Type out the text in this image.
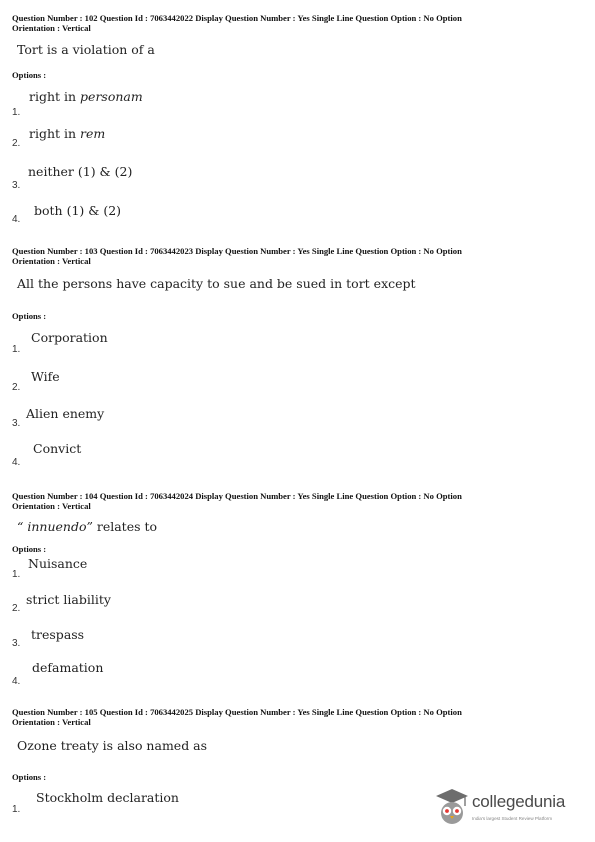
Question Number : 102 Question Id : 7063442022 Display Question Number : Yes Single Line Question Option : No Option
Orientation : Vertical
Tort is a violation of a
Options :
right in personam
1.
right in rem
2.
neither (1) & (2)
3.
both (1) & (2)
4.
Question Number : 103 Question Id : 7063442023 Display Question Number : Yes Single Line Question Option : No Option
Orientation : Vertical
All the persons have capacity to sue and be sued in tort except
Options :
Corporation
1.
Wife
2.
Alien enemy
3.
Convict
4.
Question Number : 104 Question Id : 7063442024 Display Question Number : Yes Single Line Question Option : No Option
Orientation : Vertical
“ innuendo” relates to
Options :
Nuisance
1.
strict liability
2.
trespass
3.
defamation
4.
Question Number : 105 Question Id : 7063442025 Display Question Number : Yes Single Line Question Option : No Option
Orientation : Vertical
Ozone treaty is also named as
Options :
Stockholm declaration
1.	collegedunia
India's largest Student Review Platform
